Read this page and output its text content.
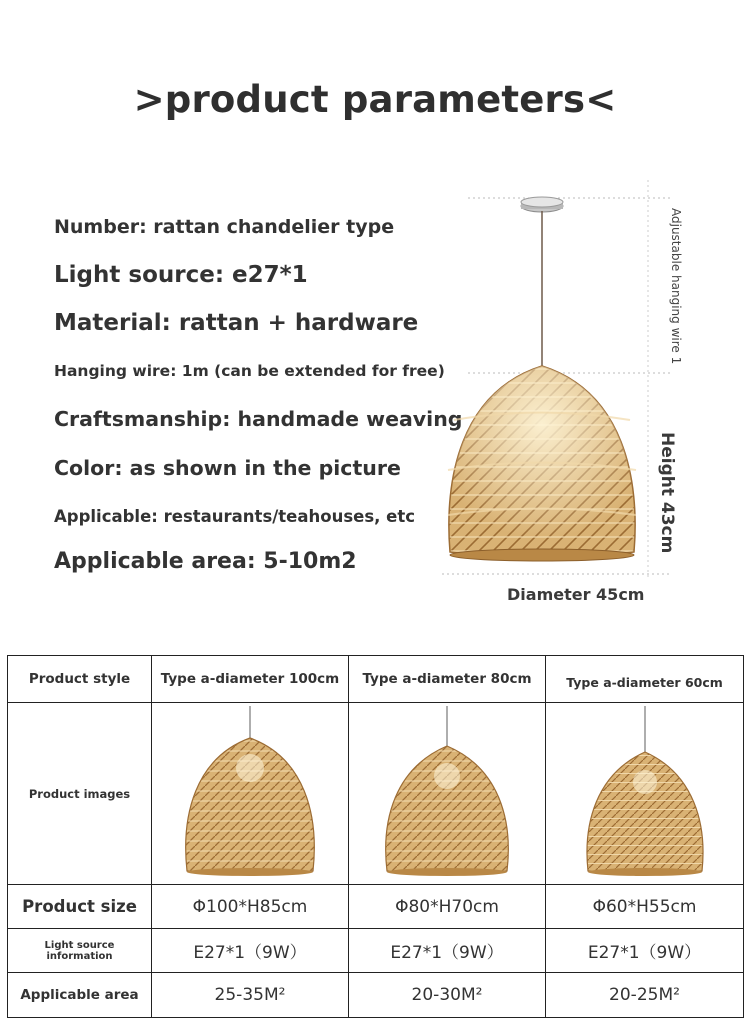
>product parameters<
Number: rattan chandelier type
Light source: e27*1
Material: rattan + hardware
Hanging wire: 1m (can be extended for free)
Craftsmanship: handmade weaving
Color: as shown in the picture
Applicable: restaurants/teahouses, etc
Applicable area: 5-10m2
Adjustable hanging wire 1
Height 43cm
Diameter 45cm
Product style	Type a-diameter 100cm	Type a-diameter 80cm	Type a-diameter 60cm
Product images	

Product size	Φ100*H85cm	Φ80*H70cm	Φ60*H55cm
Light source information	E27*1（9W）	E27*1（9W）	E27*1（9W）
Applicable area	25-35M²	20-30M²	20-25M²
